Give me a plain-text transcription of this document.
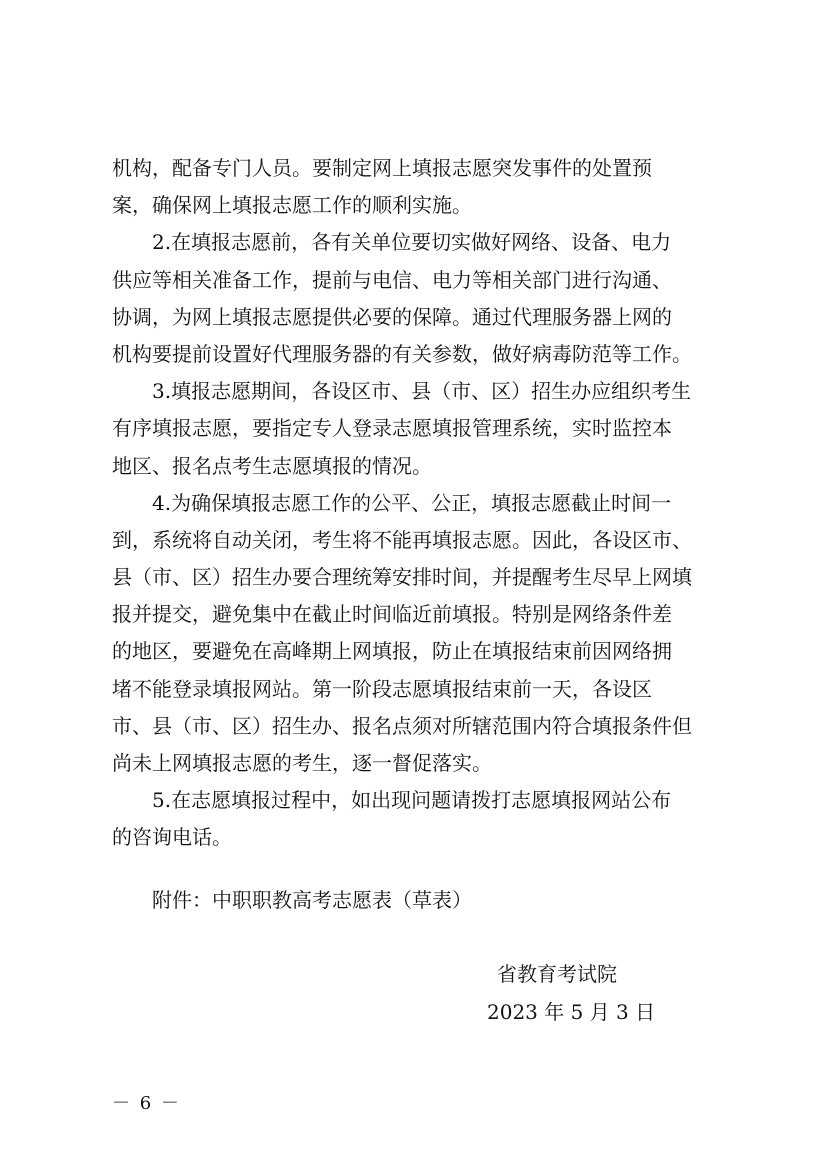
机构，配备专门人员。要制定网上填报志愿突发事件的处置预
案，确保网上填报志愿工作的顺利实施。
2.在填报志愿前，各有关单位要切实做好网络、设备、电力
供应等相关准备工作，提前与电信、电力等相关部门进行沟通、
协调，为网上填报志愿提供必要的保障。通过代理服务器上网的
机构要提前设置好代理服务器的有关参数，做好病毒防范等工作。
3.填报志愿期间，各设区市、县（市、区）招生办应组织考生
有序填报志愿，要指定专人登录志愿填报管理系统，实时监控本
地区、报名点考生志愿填报的情况。
4.为确保填报志愿工作的公平、公正，填报志愿截止时间一
到，系统将自动关闭，考生将不能再填报志愿。因此，各设区市、
县（市、区）招生办要合理统筹安排时间，并提醒考生尽早上网填
报并提交，避免集中在截止时间临近前填报。特别是网络条件差
的地区，要避免在高峰期上网填报，防止在填报结束前因网络拥
堵不能登录填报网站。第一阶段志愿填报结束前一天，各设区
市、县（市、区）招生办、报名点须对所辖范围内符合填报条件但
尚未上网填报志愿的考生，逐一督促落实。
5.在志愿填报过程中，如出现问题请拨打志愿填报网站公布
的咨询电话。
附件：中职职教高考志愿表（草表）
省教育考试院
2023 年 5 月 3 日
－ 6 －
